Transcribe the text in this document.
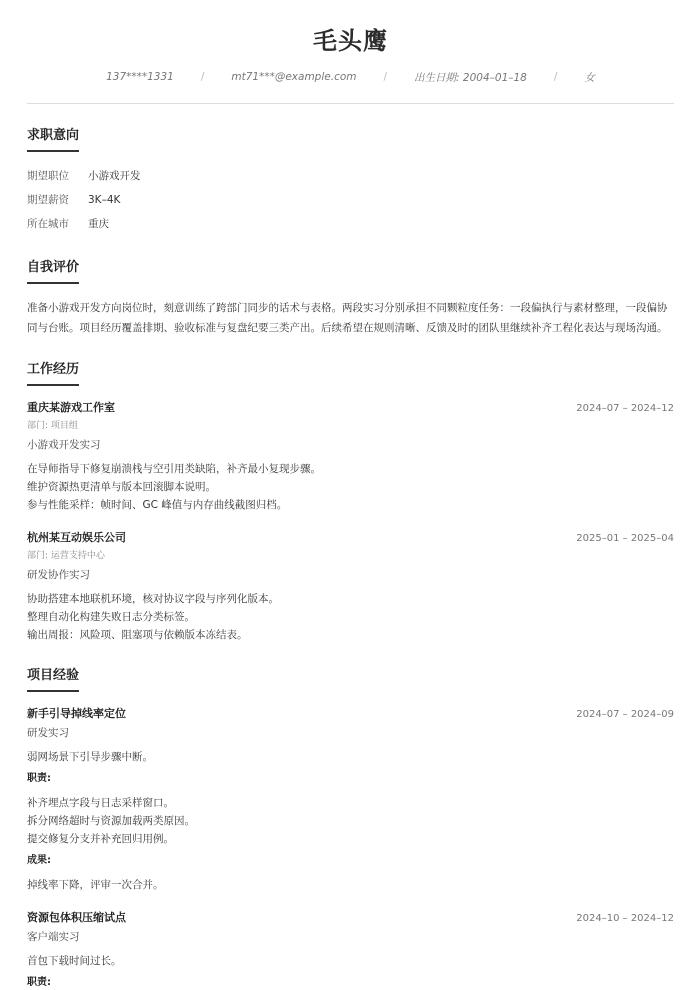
毛头鹰
137****1331	/	mt71***@example.com	/	出生日期: 2004–01–18	/	女
求职意向
期望职位	小游戏开发
期望薪资	3K–4K
所在城市	重庆
自我评价
准备小游戏开发方向岗位时，刻意训练了跨部门同步的话术与表格。两段实习分别承担不同颗粒度任务：一段偏执行与素材整理，一段偏协同与台账。项目经历覆盖排期、验收标准与复盘纪要三类产出。后续希望在规则清晰、反馈及时的团队里继续补齐工程化表达与现场沟通。
工作经历
重庆某游戏工作室	2024–07 – 2024–12
部门: 项目组
小游戏开发实习
在导师指导下修复崩溃栈与空引用类缺陷，补齐最小复现步骤。
维护资源热更清单与版本回滚脚本说明。
参与性能采样：帧时间、GC 峰值与内存曲线截图归档。
杭州某互动娱乐公司	2025–01 – 2025–04
部门: 运营支持中心
研发协作实习
协助搭建本地联机环境，核对协议字段与序列化版本。
整理自动化构建失败日志分类标签。
输出周报：风险项、阻塞项与依赖版本冻结表。
项目经验
新手引导掉线率定位	2024–07 – 2024–09
研发实习
弱网场景下引导步骤中断。
职责:
补齐埋点字段与日志采样窗口。
拆分网络超时与资源加载两类原因。
提交修复分支并补充回归用例。
成果:
掉线率下降，评审一次合并。
资源包体积压缩试点	2024–10 – 2024–12
客户端实习
首包下载时间过长。
职责:
